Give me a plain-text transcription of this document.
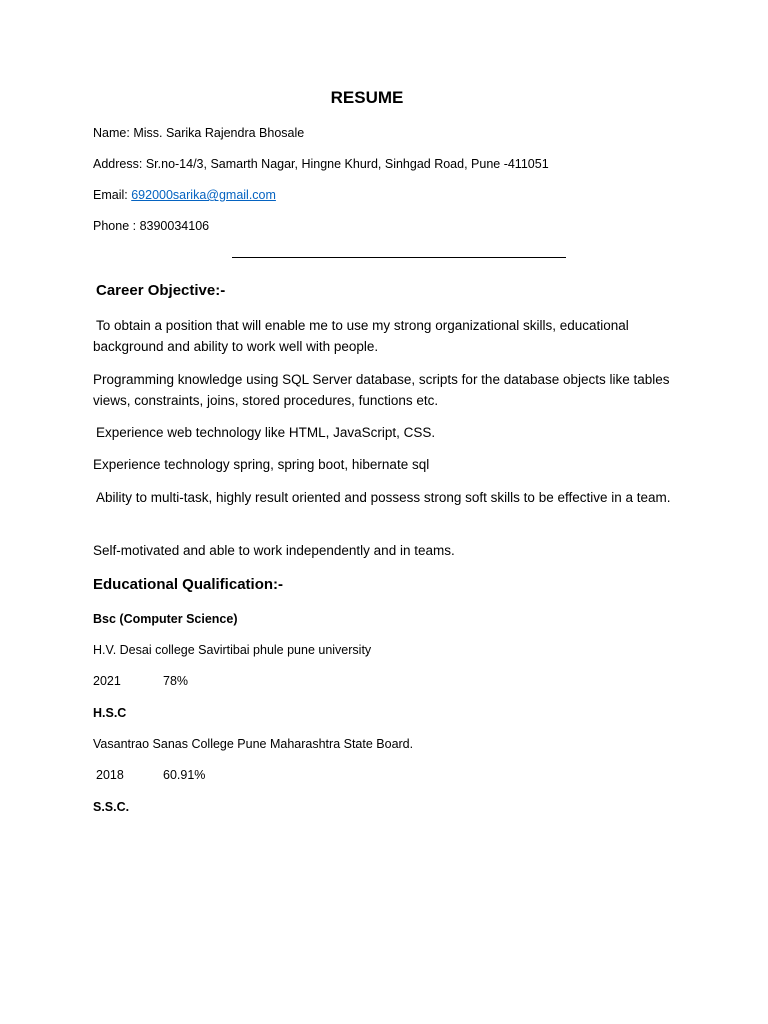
RESUME
Name: Miss. Sarika Rajendra Bhosale
Address: Sr.no-14/3, Samarth Nagar, Hingne Khurd, Sinhgad Road, Pune -411051
Email: 692000sarika@gmail.com
Phone : 8390034106
Career Objective:-
To obtain a position that will enable me to use my strong organizational skills, educational background and ability to work well with people.
Programming knowledge using SQL Server database, scripts for the database objects like tables views, constraints, joins, stored procedures, functions etc.
Experience web technology like HTML, JavaScript, CSS.
Experience technology spring, spring boot, hibernate sql
Ability to multi-task, highly result oriented and possess strong soft skills to be effective in a team.
Self-motivated and able to work independently and in teams.
Educational Qualification:-
Bsc (Computer Science)
H.V. Desai college Savirtibai phule pune university
2021	78%
H.S.C
Vasantrao Sanas College Pune Maharashtra State Board.
2018	60.91%
S.S.C.
